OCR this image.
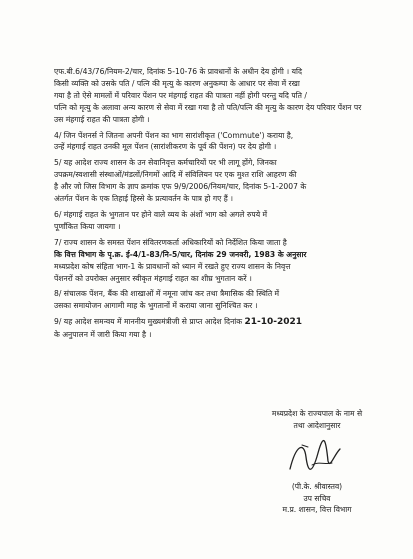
एफ.बी.6/43/76/नियम-2/चार, दिनांक 5-10-76 के प्रावधानों के अधीन देय होगी । यदि
किसी व्यक्ति को उसके पति / पत्नि की मृत्यु के कारण अनुकम्पा के आधार पर सेवा में रखा
गया है तो ऐसे मामलों में परिवार पेंशन पर मंहगाई राहत की पात्रता नहीं होगी परन्तु यदि पति /
पत्नि को मृत्यु के अलावा अन्य कारण से सेवा में रखा गया है तो पति/पत्नि की मृत्यु के कारण देय परिवार पेंशन पर
उस मंहगाई राहत की पात्रता होगी ।
4/ जिन पेंशनर्स ने जितना अपनी पेंशन का भाग सारांशीकृत ('Commute') कराया है,
उन्हें मंहगाई राहत उनकी मूल पेंशन (सारांशीकरण के पूर्व की पेंशन) पर देय होगी ।
5/ यह आदेश राज्य शासन के उन सेवानिवृत्त कर्मचारियों पर भी लागू होंगे, जिनका
उपक्रम/स्वशासी संस्थाओं/मंडलों/निगमों आदि में संविलियन पर एक मुश्त राशि आहरण की
है और जो जिस विभाग के ज्ञाप क्रमांक एफ 9/9/2006/नियम/चार, दिनांक 5-1-2007 के
अंतर्गत पेंशन के एक तिहाई हिस्से के प्रत्यावर्तन के पात्र हो गए हैं ।
6/ मंहगाई राहत के भुगतान पर होने वाले व्यय के अंशों भाग को अगले रुपये में
पूर्णांकित किया जायगा ।
7/ राज्य शासन के समस्त पेंशन संवितरणकर्ता अधिकारियों को निर्देशित किया जाता है
कि वित्त विभाग के पृ.क्र. ई-4/1-83/नि-5/चार, दिनांक 29 जनवरी, 1983 के अनुसार
मध्यप्रदेश कोष संहिता भाग-1 के प्रावधानों को ध्यान में रखते हुए राज्य शासन के निवृत्त
पेंशनरों को उपरोक्त अनुसार स्वीकृत मंहगाई राहत का शीघ्र भुगतान करें ।
8/ संचालक पेंशन, बैंक की शाखाओं में नमूना जांच कर तथा त्रैमासिक की स्थिति में
उसका समायोजन आगामी माह के भुगतानों में कराया जाना सुनिश्चित कर ।
9/ यह आदेश समन्वय में माननीय मुख्यमंत्रीजी से प्राप्त आदेश दिनांक 21-10-2021
के अनुपालन में जारी किया गया है ।
मध्यप्रदेश के राज्यपाल के नाम से
तथा आदेशानुसार
(पी.के. श्रीवास्तव)
उप सचिव
म.प्र. शासन, वित्त विभाग
